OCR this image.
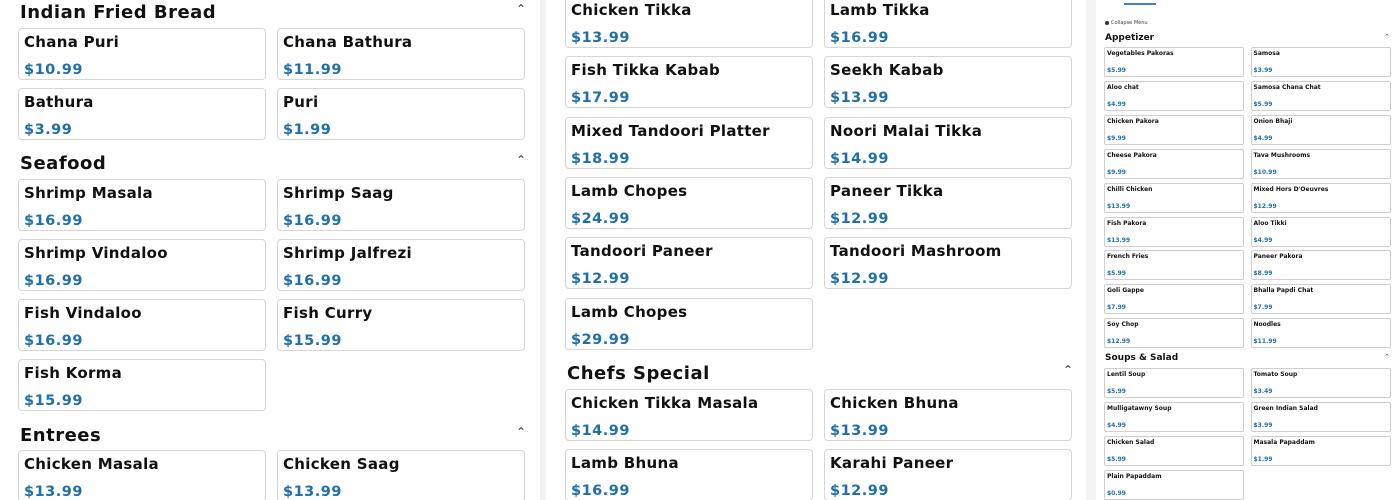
Indian Fried Bread	⌃
Seafood	⌃
Entrees	⌃
Chana Puri
$10.99
Chana Bathura
$11.99
Bathura
$3.99
Puri
$1.99
Shrimp Masala
$16.99
Shrimp Saag
$16.99
Shrimp Vindaloo
$16.99
Shrimp Jalfrezi
$16.99
Fish Vindaloo
$16.99
Fish Curry
$15.99
Fish Korma
$15.99
Chicken Masala
$13.99
Chicken Saag
$13.99
Chefs Special	⌃
Chicken Tikka
$13.99
Lamb Tikka
$16.99
Fish Tikka Kabab
$17.99
Seekh Kabab
$13.99
Mixed Tandoori Platter
$18.99
Noori Malai Tikka
$14.99
Lamb Chopes
$24.99
Paneer Tikka
$12.99
Tandoori Paneer
$12.99
Tandoori Mashroom
$12.99
Lamb Chopes
$29.99
Chicken Tikka Masala
$14.99
Chicken Bhuna
$13.99
Lamb Bhuna
$16.99
Karahi Paneer
$12.99
Collapse Menu
Appetizer	⌃
Soups & Salad	⌃
Vegetables Pakoras
$5.99
Samosa
$3.99
Aloo chat
$4.99
Samosa Chana Chat
$5.99
Chicken Pakora
$9.99
Onion Bhaji
$4.99
Cheese Pakora
$9.99
Tava Mushrooms
$10.99
Chilli Chicken
$13.99
Mixed Hors D'Oeuvres
$12.99
Fish Pakora
$13.99
Aloo Tikki
$4.99
French Fries
$5.99
Paneer Pakora
$8.99
Goli Gappe
$7.99
Bhalla Papdi Chat
$7.99
Soy Chop
$12.99
Noodles
$11.99
Lentil Soup
$5.99
Tomato Soup
$3.49
Mulligatawny Soup
$4.99
Green Indian Salad
$3.99
Chicken Salad
$5.99
Masala Papaddam
$1.99
Plain Papaddam
$0.99
